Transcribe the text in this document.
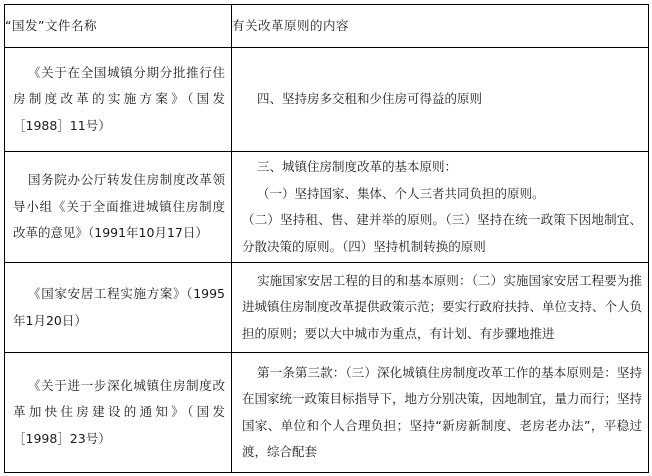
“国发”文件名称	有关改革原则的内容

《关于在全国城镇分期分批推行住房制度改革的实施方案》（国发［1988］11号）	四、坚持房多交租和少住房可得益的原则

国务院办公厅转发住房制度改革领导小组《关于全面推进城镇住房制度改革的意见》（1991年10月17日）	三、城镇住房制度改革的基本原则：

（一）坚持国家、集体、个人三者共同负担的原则。

（二）坚持租、售、建并举的原则。（三）坚持在统一政策下因地制宜、分散决策的原则。（四）坚持机制转换的原则

《国家安居工程实施方案》（1995年1月20日）	实施国家安居工程的目的和基本原则：（二）实施国家安居工程要为推进城镇住房制度改革提供政策示范；要实行政府扶持、单位支持、个人负担的原则；要以大中城市为重点，有计划、有步骤地推进

《关于进一步深化城镇住房制度改革加快住房建设的通知》（国发［1998］23号）	第一条第三款：（三）深化城镇住房制度改革工作的基本原则是：坚持在国家统一政策目标指导下，地方分别决策，因地制宜，量力而行；坚持国家、单位和个人合理负担；坚持“新房新制度、老房老办法”，平稳过渡，综合配套
